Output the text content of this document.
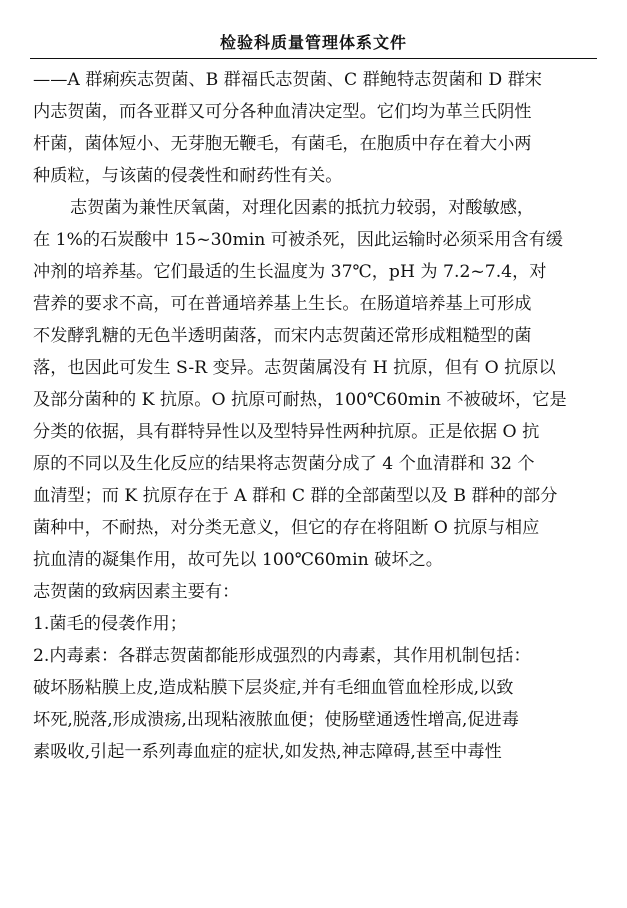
检验科质量管理体系文件
——A 群痢疾志贺菌、B 群福氏志贺菌、C 群鲍特志贺菌和 D 群宋
内志贺菌，而各亚群又可分各种血清决定型。它们均为革兰氏阴性
杆菌，菌体短小、无芽胞无鞭毛，有菌毛，在胞质中存在着大小两
种质粒，与该菌的侵袭性和耐药性有关。
志贺菌为兼性厌氧菌，对理化因素的抵抗力较弱，对酸敏感，
在 1%的石炭酸中 15~30min 可被杀死，因此运输时必须采用含有缓
冲剂的培养基。它们最适的生长温度为 37℃，pH 为 7.2~7.4，对
营养的要求不高，可在普通培养基上生长。在肠道培养基上可形成
不发酵乳糖的无色半透明菌落，而宋内志贺菌还常形成粗糙型的菌
落，也因此可发生 S-R 变异。志贺菌属没有 H 抗原，但有 O 抗原以
及部分菌种的 K 抗原。O 抗原可耐热，100℃60min 不被破坏，它是
分类的依据，具有群特异性以及型特异性两种抗原。正是依据 O 抗
原的不同以及生化反应的结果将志贺菌分成了 4 个血清群和 32 个
血清型；而 K 抗原存在于 A 群和 C 群的全部菌型以及 B 群种的部分
菌种中，不耐热，对分类无意义，但它的存在将阻断 O 抗原与相应
抗血清的凝集作用，故可先以 100℃60min 破坏之。
志贺菌的致病因素主要有：
1.菌毛的侵袭作用；
2.内毒素：各群志贺菌都能形成强烈的内毒素，其作用机制包括：
破坏肠粘膜上皮,造成粘膜下层炎症,并有毛细血管血栓形成,以致
坏死,脱落,形成溃疡,出现粘液脓血便；使肠壁通透性增高,促进毒
素吸收,引起一系列毒血症的症状,如发热,神志障碍,甚至中毒性
